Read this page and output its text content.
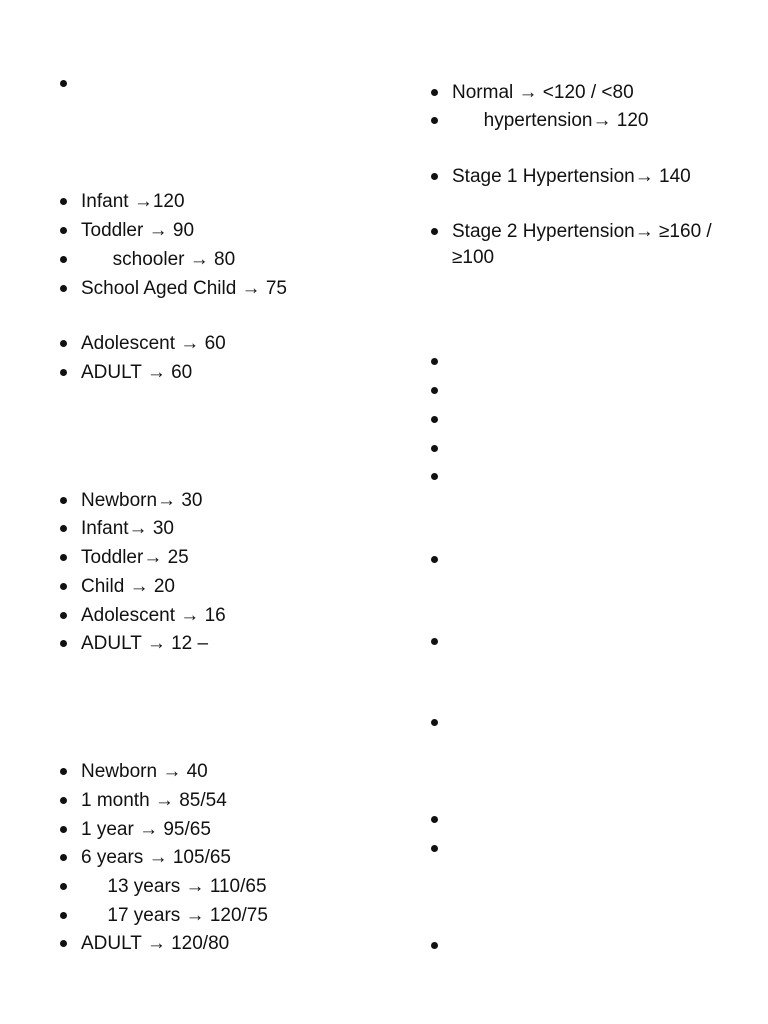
Infant →120
Toddler → 90
schooler → 80
School Aged Child → 75
Adolescent → 60
ADULT → 60
Newborn→ 30
Infant→ 30
Toddler→ 25
Child → 20
Adolescent → 16
ADULT → 12 –
Newborn → 40
1 month → 85/54
1 year → 95/65
6 years → 105/65
13 years → 110/65
17 years → 120/75
ADULT → 120/80
Normal → <120 / <80
hypertension→ 120
Stage 1 Hypertension→ 140
Stage 2 Hypertension→ ≥160 / ≥100
